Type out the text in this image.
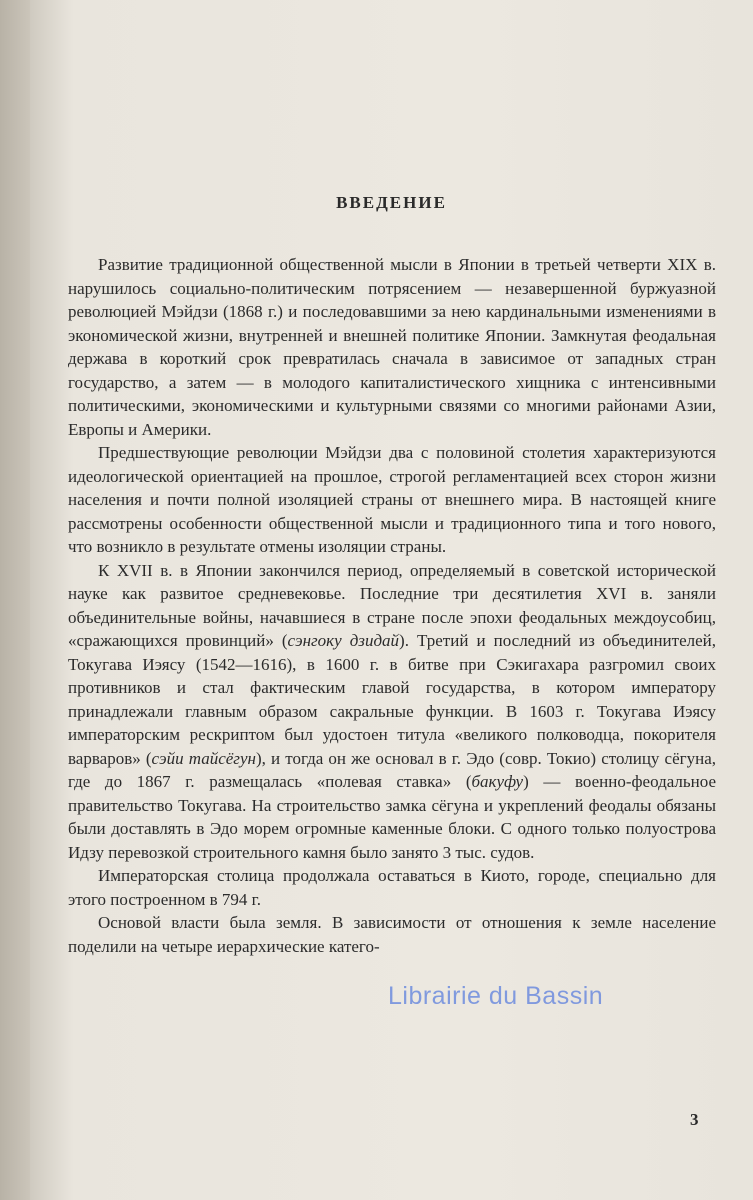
ВВЕДЕНИЕ

Развитие традиционной общественной мысли в Японии в третьей четверти XIX в. нарушилось социально-политическим потрясением — незавершенной буржуазной революцией Мэйдзи (1868 г.) и последовавшими за нею кардинальными изменениями в экономической жизни, внутренней и внешней политике Японии. Замкнутая феодальная держава в короткий срок превратилась сначала в зависимое от западных стран государство, а затем — в молодого капиталистического хищника с интенсивными политическими, экономическими и культурными связями со многими районами Азии, Европы и Америки.

Предшествующие революции Мэйдзи два с половиной столетия характеризуются идеологической ориентацией на прошлое, строгой регламентацией всех сторон жизни населения и почти полной изоляцией страны от внешнего мира. В настоящей книге рассмотрены особенности общественной мысли и традиционного типа и того нового, что возникло в результате отмены изоляции страны.

К XVII в. в Японии закончился период, определяемый в советской исторической науке как развитое средневековье. Последние три десятилетия XVI в. заняли объединительные войны, начавшиеся в стране после эпохи феодальных междоусобиц, «сражающихся провинций» (сэнгоку дзидай). Третий и последний из объединителей, Токугава Иэясу (1542—1616), в 1600 г. в битве при Сэкигахара разгромил своих противников и стал фактическим главой государства, в котором императору принадлежали главным образом сакральные функции. В 1603 г. Токугава Иэясу императорским рескриптом был удостоен титула «великого полководца, покорителя варваров» (сэйи тайсёгун), и тогда он же основал в г. Эдо (совр. Токио) столицу сёгуна, где до 1867 г. размещалась «полевая ставка» (бакуфу) — военно-феодальное правительство Токугава. На строительство замка сёгуна и укреплений феодалы обязаны были доставлять в Эдо морем огромные каменные блоки. С одного только полуострова Идзу перевозкой строительного камня было занято 3 тыс. судов.

Императорская столица продолжала оставаться в Киото, городе, специально для этого построенном в 794 г.

Основой власти была земля. В зависимости от отношения к земле население поделили на четыре иерархические катего-

3
Librairie du Bassin
